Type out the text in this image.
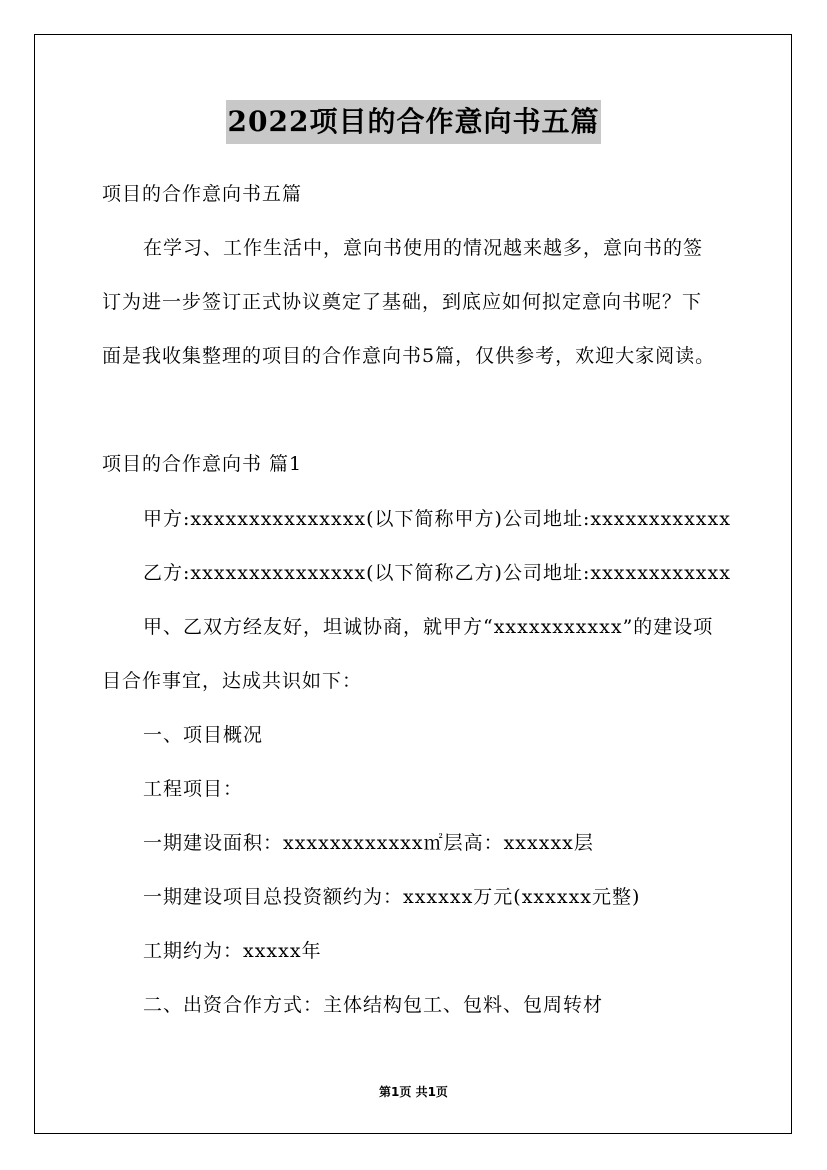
2022项目的合作意向书五篇
项目的合作意向书五篇
在学习、工作生活中，意向书使用的情况越来越多，意向书的签
订为进一步签订正式协议奠定了基础，到底应如何拟定意向书呢？下
面是我收集整理的项目的合作意向书5篇，仅供参考，欢迎大家阅读。
项目的合作意向书 篇1
甲方:xxxxxxxxxxxxxxx(以下简称甲方)公司地址:xxxxxxxxxxxx
乙方:xxxxxxxxxxxxxxx(以下简称乙方)公司地址:xxxxxxxxxxxx
甲、乙双方经友好，坦诚协商，就甲方“xxxxxxxxxxx”的建设项
目合作事宜，达成共识如下：
一、项目概况
工程项目：
一期建设面积：xxxxxxxxxxxx㎡层高：xxxxxx层
一期建设项目总投资额约为：xxxxxx万元(xxxxxx元整)
工期约为：xxxxx年
二、出资合作方式：主体结构包工、包料、包周转材
第1页 共1页
